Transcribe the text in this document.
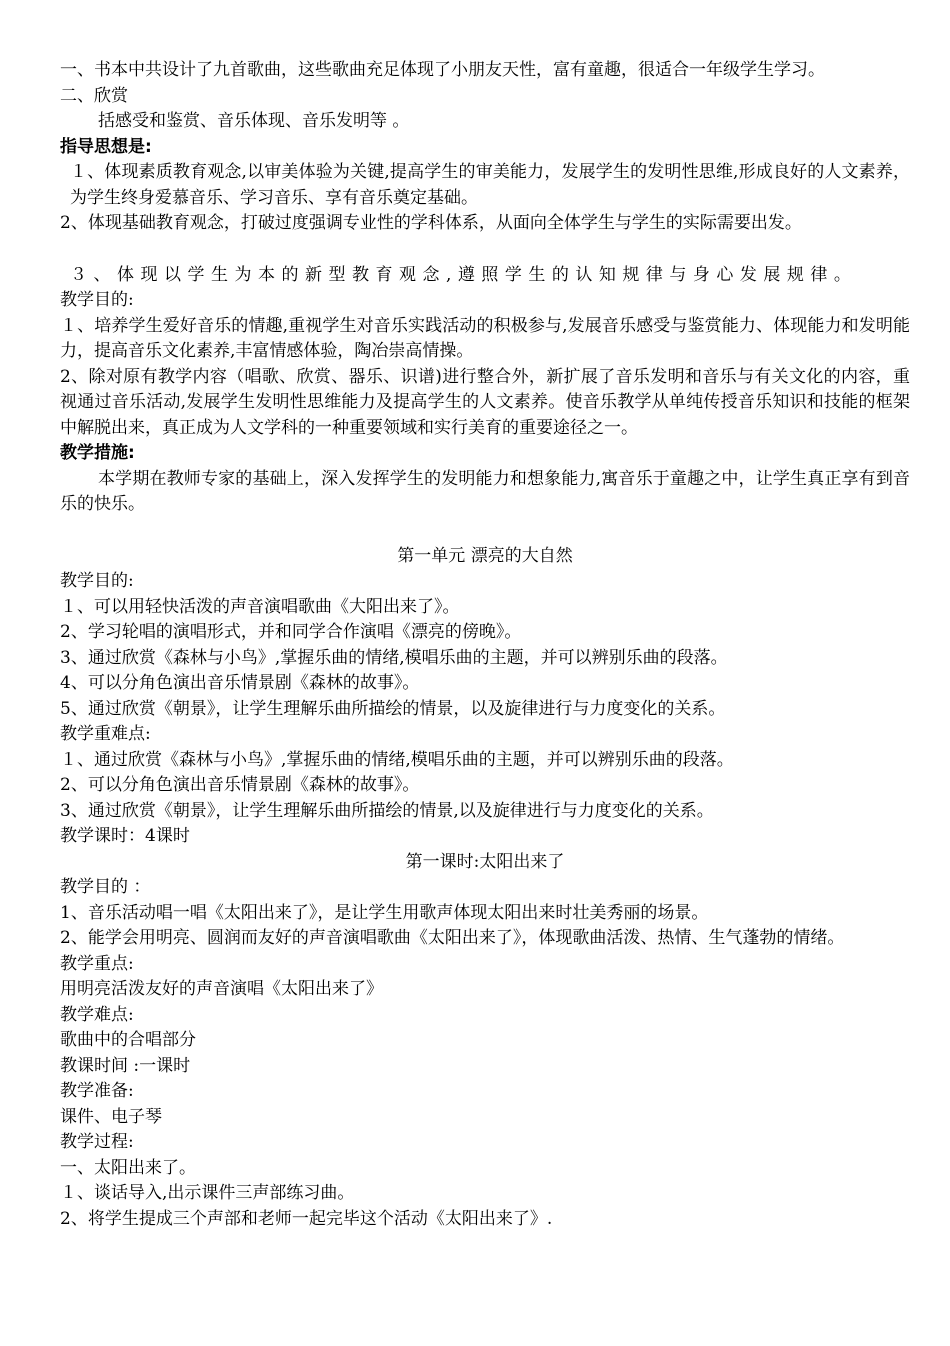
一、书本中共设计了九首歌曲，这些歌曲充足体现了小朋友天性，富有童趣，很适合一年级学生学习。
二、欣赏
括感受和鉴赏、音乐体现、音乐发明等 。
指导思想是:
１、体现素质教育观念,以审美体验为关键,提高学生的审美能力，发展学生的发明性思维,形成良好的人文素养，为学生终身爱慕音乐、学习音乐、享有音乐奠定基础。
2、体现基础教育观念，打破过度强调专业性的学科体系，从面向全体学生与学生的实际需要出发。
３、体现以学生为本的新型教育观念,遵照学生的认知规律与身心发展规律。
教学目的:
１、培养学生爱好音乐的情趣,重视学生对音乐实践活动的积极参与,发展音乐感受与鉴赏能力、体现能力和发明能力，提高音乐文化素养,丰富情感体验，陶冶崇高情操。
2、除对原有教学内容（唱歌、欣赏、器乐、识谱)进行整合外，新扩展了音乐发明和音乐与有关文化的内容，重视通过音乐活动,发展学生发明性思维能力及提高学生的人文素养。使音乐教学从单纯传授音乐知识和技能的框架中解脱出来，真正成为人文学科的一种重要领域和实行美育的重要途径之一。
教学措施:
本学期在教师专家的基础上，深入发挥学生的发明能力和想象能力,寓音乐于童趣之中，让学生真正享有到音乐的快乐。
第一单元 漂亮的大自然
教学目的:
１、可以用轻快活泼的声音演唱歌曲《大阳出来了》。
2、学习轮唱的演唱形式，并和同学合作演唱《漂亮的傍晚》。
3、通过欣赏《森林与小鸟》,掌握乐曲的情绪,模唱乐曲的主题，并可以辨别乐曲的段落。
4、可以分角色演出音乐情景剧《森林的故事》。
5、通过欣赏《朝景》，让学生理解乐曲所描绘的情景，以及旋律进行与力度变化的关系。
教学重难点:
１、通过欣赏《森林与小鸟》,掌握乐曲的情绪,模唱乐曲的主题，并可以辨别乐曲的段落。
2、可以分角色演出音乐情景剧《森林的故事》。
3、通过欣赏《朝景》，让学生理解乐曲所描绘的情景,以及旋律进行与力度变化的关系。
教学课时：4课时
第一课时:太阳出来了
教学目的 ：
1、音乐活动唱一唱《太阳出来了》，是让学生用歌声体现太阳出来时壮美秀丽的场景。
2、能学会用明亮、圆润而友好的声音演唱歌曲《太阳出来了》，体现歌曲活泼、热情、生气蓬勃的情绪。
教学重点:
用明亮活泼友好的声音演唱《太阳出来了》
教学难点:
歌曲中的合唱部分
教课时间 :一课时
教学准备:
课件、电子琴
教学过程:
一、太阳出来了。
１、谈话导入,出示课件三声部练习曲。
2、将学生提成三个声部和老师一起完毕这个活动《太阳出来了》.
